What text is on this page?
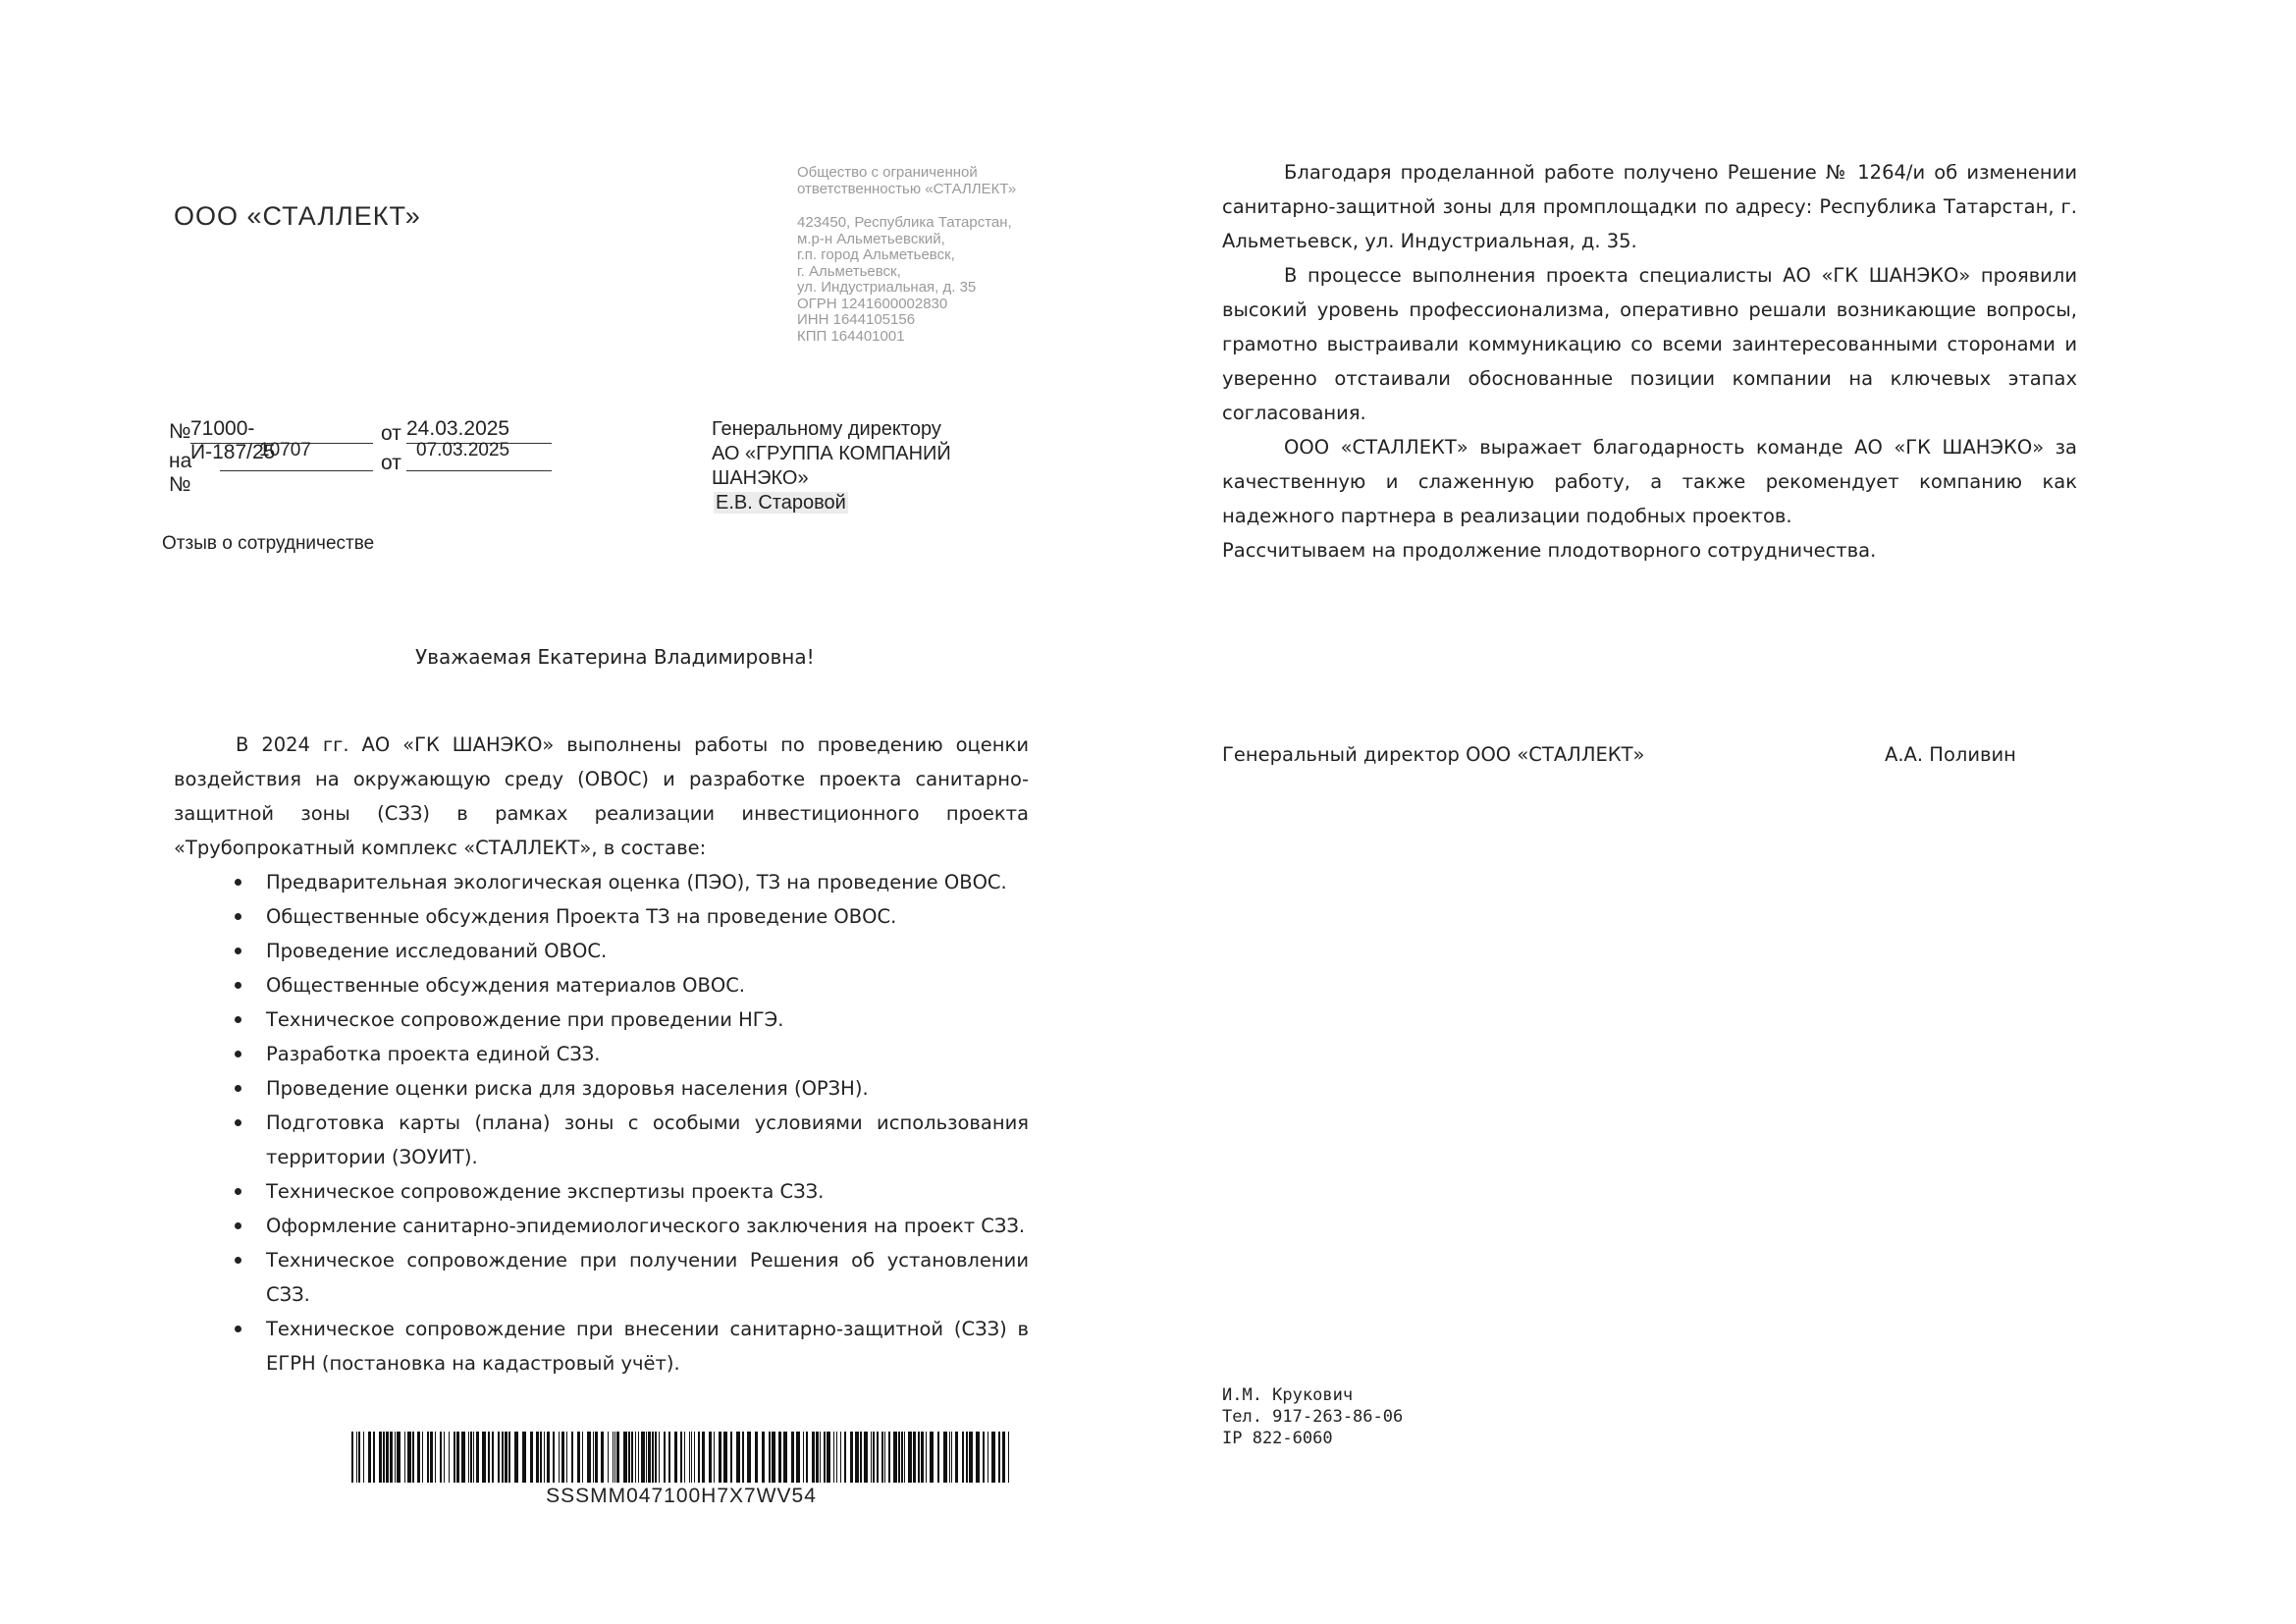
ООО «СТАЛЛЕКТ»
Общество с ограниченной
ответственностью «СТАЛЛЕКТ»
423450, Республика Татарстан,
м.р-н Альметьевский,
г.п. город Альметьевск,
г. Альметьевск,
ул. Индустриальная, д. 35
ОГРН 1241600002830
ИНН 1644105156
КПП 164401001
№ 71000-И-187/25
от 24.03.2025
на №
10707
от
07.03.2025
Генеральному директору
АО «ГРУППА КОМПАНИЙ
ШАНЭКО»
Е.В. Старовой
Отзыв о сотрудничестве
Уважаемая Екатерина Владимировна!
В 2024 гг. АО «ГК ШАНЭКО» выполнены работы по проведению оценки воздействия на окружающую среду (ОВОС) и разработке проекта санитарно-защитной зоны (СЗЗ) в рамках реализации инвестиционного проекта «Трубопрокатный комплекс «СТАЛЛЕКТ», в составе:
Предварительная экологическая оценка (ПЭО), ТЗ на проведение ОВОС.
Общественные обсуждения Проекта ТЗ на проведение ОВОС.
Проведение исследований ОВОС.
Общественные обсуждения материалов ОВОС.
Техническое сопровождение при проведении НГЭ.
Разработка проекта единой СЗЗ.
Проведение оценки риска для здоровья населения (ОРЗН).
Подготовка карты (плана) зоны с особыми условиями использования территории (ЗОУИТ).
Техническое сопровождение экспертизы проекта СЗЗ.
Оформление санитарно-эпидемиологического заключения на проект СЗЗ.
Техническое сопровождение при получении Решения об установлении СЗЗ.
Техническое сопровождение при внесении санитарно-защитной (СЗЗ) в ЕГРН (постановка на кадастровый учёт).
SSSMM047100H7X7WV54

Благодаря проделанной работе получено Решение № 1264/и об изменении санитарно-защитной зоны для промплощадки по адресу: Республика Татарстан, г. Альметьевск, ул. Индустриальная, д. 35.

В процессе выполнения проекта специалисты АО «ГК ШАНЭКО» проявили высокий уровень профессионализма, оперативно решали возникающие вопросы, грамотно выстраивали коммуникацию со всеми заинтересованными сторонами и уверенно отстаивали обоснованные позиции компании на ключевых этапах согласования.

ООО «СТАЛЛЕКТ» выражает благодарность команде АО «ГК ШАНЭКО» за качественную и слаженную работу, а также рекомендует компанию как надежного партнера в реализации подобных проектов.

Рассчитываем на продолжение плодотворного сотрудничества.

Генеральный директор ООО «СТАЛЛЕКТ»	А.А. Поливин
И.М. Крукович
Тел. 917-263-86-06
IP 822-6060
